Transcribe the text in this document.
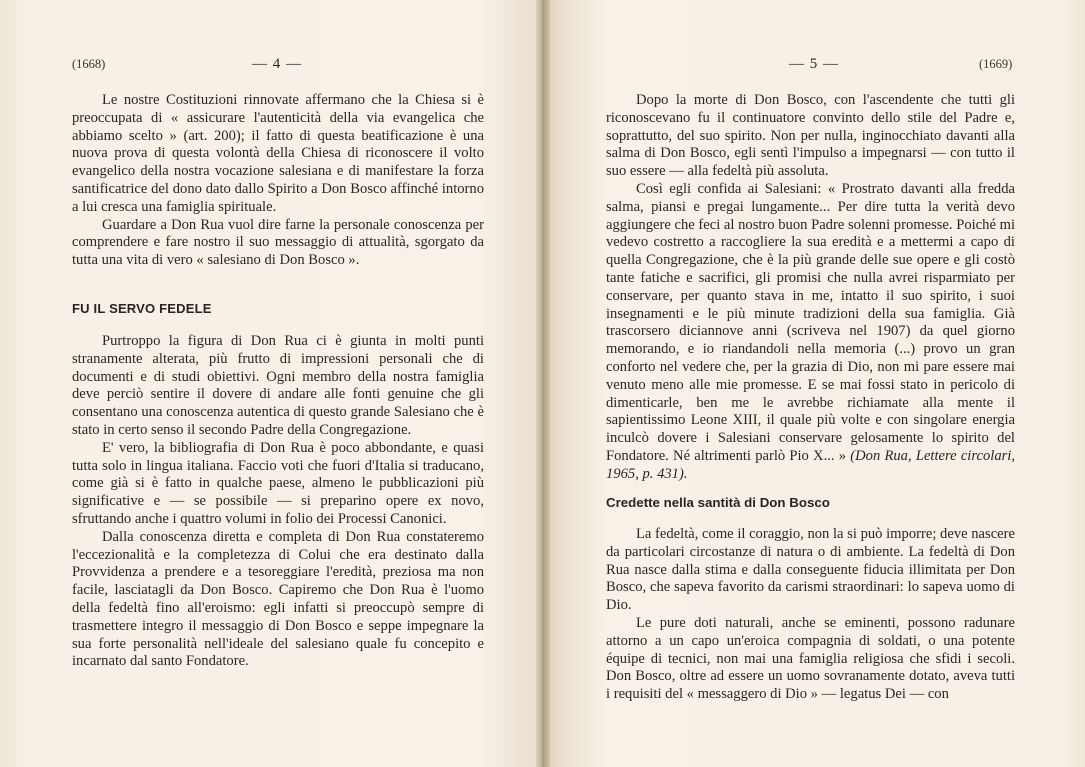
(1668)	— 4 —

Le nostre Costituzioni rinnovate affermano che la Chiesa si è preoccupata di « assicurare l'autenticità della via evangelica che abbiamo scelto » (art. 200); il fatto di questa beatificazione è una nuova prova di questa volontà della Chiesa di riconoscere il volto evangelico della nostra vocazione salesiana e di manifestare la forza santificatrice del dono dato dallo Spirito a Don Bosco affinché intorno a lui cresca una famiglia spirituale.

Guardare a Don Rua vuol dire farne la personale conoscenza per comprendere e fare nostro il suo messaggio di attualità, sgorgato da tutta una vita di vero « salesiano di Don Bosco ».

FU IL SERVO FEDELE

Purtroppo la figura di Don Rua ci è giunta in molti punti stranamente alterata, più frutto di impressioni personali che di documenti e di studi obiettivi. Ogni membro della nostra famiglia deve perciò sentire il dovere di andare alle fonti genuine che gli consentano una conoscenza autentica di questo grande Salesiano che è stato in certo senso il secondo Padre della Congregazione.

E' vero, la bibliografia di Don Rua è poco abbondante, e quasi tutta solo in lingua italiana. Faccio voti che fuori d'Italia si traducano, come già si è fatto in qualche paese, almeno le pubblicazioni più significative e — se possibile — si preparino opere ex novo, sfruttando anche i quattro volumi in folio dei Processi Canonici.

Dalla conoscenza diretta e completa di Don Rua constateremo l'eccezionalità e la completezza di Colui che era destinato dalla Provvidenza a prendere e a tesoreggiare l'eredità, preziosa ma non facile, lasciatagli da Don Bosco. Capiremo che Don Rua è l'uomo della fedeltà fino all'eroismo: egli infatti si preoccupò sempre di trasmettere integro il messaggio di Don Bosco e seppe impegnare la sua forte personalità nell'ideale del salesiano quale fu concepito e incarnato dal santo Fondatore.

— 5 —	(1669)

Dopo la morte di Don Bosco, con l'ascendente che tutti gli riconoscevano fu il continuatore convinto dello stile del Padre e, soprattutto, del suo spirito. Non per nulla, inginocchiato davanti alla salma di Don Bosco, egli sentì l'impulso a impegnarsi — con tutto il suo essere — alla fedeltà più assoluta.

Così egli confida ai Salesiani: « Prostrato davanti alla fredda salma, piansi e pregai lungamente... Per dire tutta la verità devo aggiungere che feci al nostro buon Padre solenni promesse. Poiché mi vedevo costretto a raccogliere la sua eredità e a mettermi a capo di quella Congregazione, che è la più grande delle sue opere e gli costò tante fatiche e sacrifici, gli promisi che nulla avrei risparmiato per conservare, per quanto stava in me, intatto il suo spirito, i suoi insegnamenti e le più minute tradizioni della sua famiglia. Già trascorsero diciannove anni (scriveva nel 1907) da quel giorno memorando, e io riandandoli nella memoria (...) provo un gran conforto nel vedere che, per la grazia di Dio, non mi pare essere mai venuto meno alle mie promesse. E se mai fossi stato in pericolo di dimenticarle, ben me le avrebbe richiamate alla mente il sapientissimo Leone XIII, il quale più volte e con singolare energia inculcò dovere i Salesiani conservare gelosamente lo spirito del Fondatore. Né altrimenti parlò Pio X... » (Don Rua, Lettere circolari, 1965, p. 431).

Credette nella santità di Don Bosco

La fedeltà, come il coraggio, non la si può imporre; deve nascere da particolari circostanze di natura o di ambiente. La fedeltà di Don Rua nasce dalla stima e dalla conseguente fiducia illimitata per Don Bosco, che sapeva favorito da carismi straordinari: lo sapeva uomo di Dio.

Le pure doti naturali, anche se eminenti, possono radunare attorno a un capo un'eroica compagnia di soldati, o una potente équipe di tecnici, non mai una famiglia religiosa che sfidi i secoli. Don Bosco, oltre ad essere un uomo sovranamente dotato, aveva tutti i requisiti del « messaggero di Dio » — legatus Dei — con
